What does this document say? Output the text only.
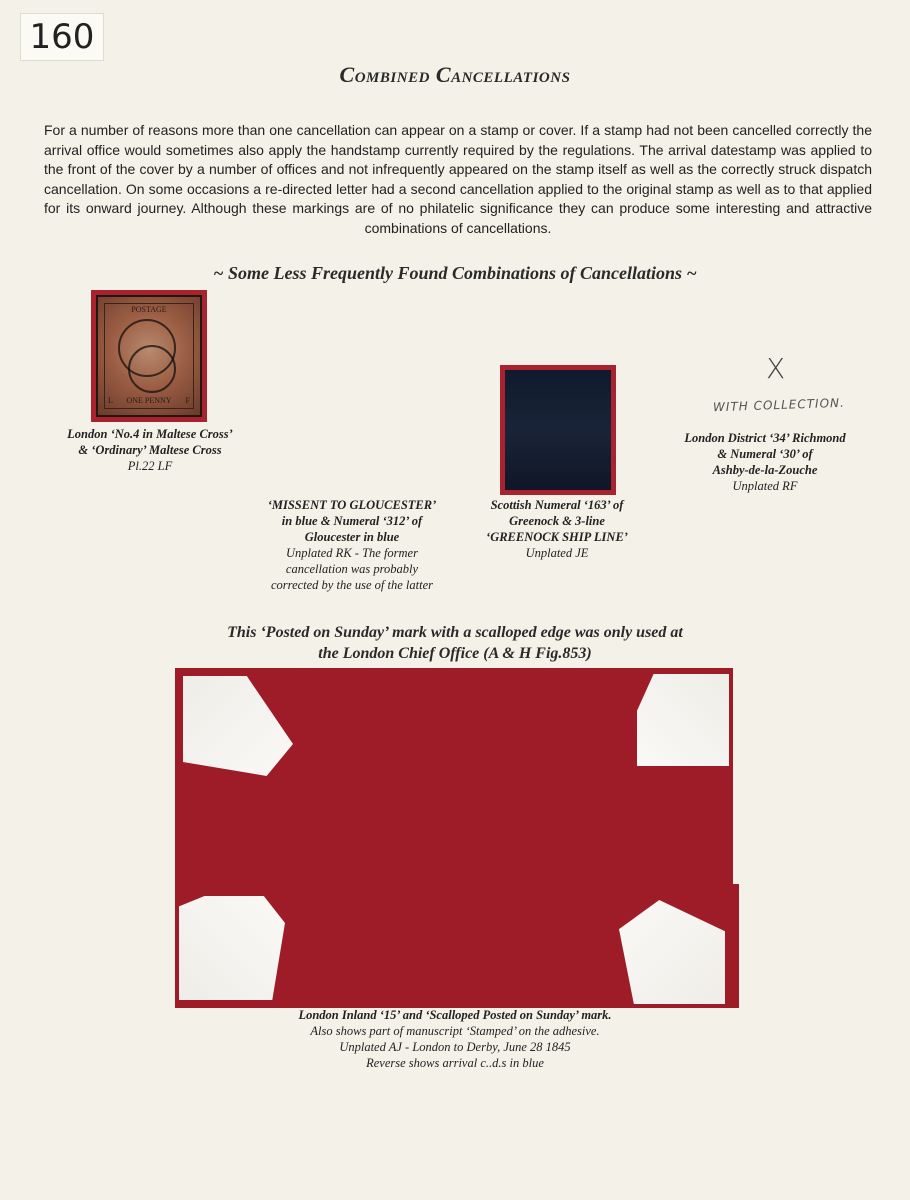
160
Combined Cancellations
For a number of reasons more than one cancellation can appear on a stamp or cover. If a stamp had not been cancelled correctly the arrival office would sometimes also apply the handstamp currently required by the regulations. The arrival datestamp was applied to the front of the cover by a number of offices and not infrequently appeared on the stamp itself as well as the correctly struck dispatch cancellation. On some occasions a re-directed letter had a second cancellation applied to the original stamp as well as to that applied for its onward journey. Although these markings are of no philatelic significance they can produce some interesting and attractive combinations of cancellations.
~ Some Less Frequently Found Combinations of Cancellations ~
POSTAGE
L	ONE PENNY	F
X
WITH COLLECTION.
London ‘No.4 in Maltese Cross’
& ‘Ordinary’ Maltese Cross
Pl.22 LF
‘MISSENT TO GLOUCESTER’
in blue & Numeral ‘312’ of
Gloucester in blue
Unplated RK - The former
cancellation was probably
corrected by the use of the latter
Scottish Numeral ‘163’ of
Greenock & 3-line
‘GREENOCK SHIP LINE’
Unplated JE
London District ‘34’ Richmond
& Numeral ‘30’ of
Ashby-de-la-Zouche
Unplated RF
This ‘Posted on Sunday’ mark with a scalloped edge was only used at
the London Chief Office (A & H Fig.853)
London Inland ‘15’ and ‘Scalloped Posted on Sunday’ mark.
Also shows part of manuscript ‘Stamped’ on the adhesive.
Unplated AJ - London to Derby, June 28 1845
Reverse shows arrival c..d.s in blue
